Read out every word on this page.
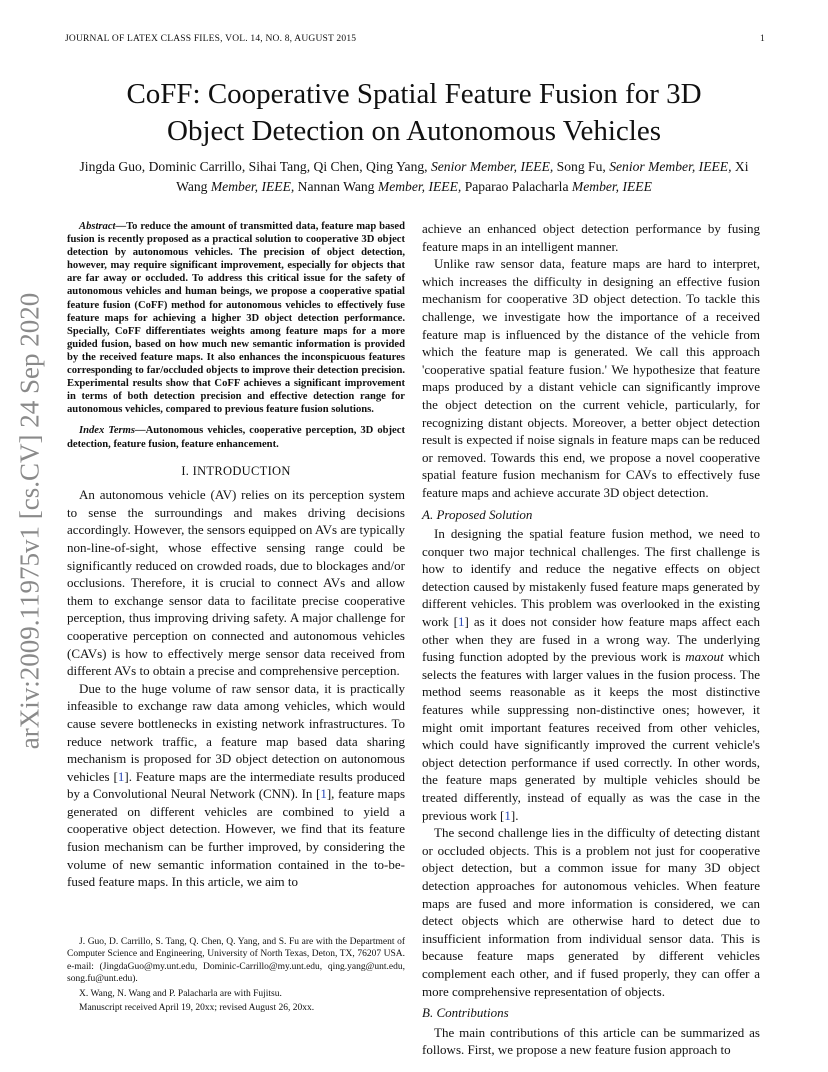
JOURNAL OF LATEX CLASS FILES, VOL. 14, NO. 8, AUGUST 2015	1
arXiv:2009.11975v1 [cs.CV] 24 Sep 2020
CoFF: Cooperative Spatial Feature Fusion for 3D
Object Detection on Autonomous Vehicles
Jingda Guo, Dominic Carrillo, Sihai Tang, Qi Chen, Qing Yang, Senior Member, IEEE, Song Fu, Senior Member, IEEE, Xi Wang Member, IEEE, Nannan Wang Member, IEEE, Paparao Palacharla Member, IEEE

Abstract—To reduce the amount of transmitted data, feature map based fusion is recently proposed as a practical solution to cooperative 3D object detection by autonomous vehicles. The precision of object detection, however, may require significant improvement, especially for objects that are far away or occluded. To address this critical issue for the safety of autonomous vehicles and human beings, we propose a cooperative spatial feature fusion (CoFF) method for autonomous vehicles to effectively fuse feature maps for achieving a higher 3D object detection performance. Specially, CoFF differentiates weights among feature maps for a more guided fusion, based on how much new semantic information is provided by the received feature maps. It also enhances the inconspicuous features corresponding to far/occluded objects to improve their detection precision. Experimental results show that CoFF achieves a significant improvement in terms of both detection precision and effective detection range for autonomous vehicles, compared to previous feature fusion solutions.

Index Terms—Autonomous vehicles, cooperative perception, 3D object detection, feature fusion, feature enhancement.

I. INTRODUCTION

An autonomous vehicle (AV) relies on its perception system to sense the surroundings and makes driving decisions accordingly. However, the sensors equipped on AVs are typically non-line-of-sight, whose effective sensing range could be significantly reduced on crowded roads, due to blockages and/or occlusions. Therefore, it is crucial to connect AVs and allow them to exchange sensor data to facilitate precise cooperative perception, thus improving driving safety. A major challenge for cooperative perception on connected and autonomous vehicles (CAVs) is how to effectively merge sensor data received from different AVs to obtain a precise and comprehensive perception.

Due to the huge volume of raw sensor data, it is practically infeasible to exchange raw data among vehicles, which would cause severe bottlenecks in existing network infrastructures. To reduce network traffic, a feature map based data sharing mechanism is proposed for 3D object detection on autonomous vehicles [ 1 ] . Feature maps are the intermediate results produced by a Convolutional Neural Network (CNN). In [ 1 ] , feature maps generated on different vehicles are combined to yield a cooperative object detection. However, we find that its feature fusion mechanism can be further improved, by considering the volume of new semantic information contained in the to-be-fused feature maps. In this article, we aim to

J. Guo, D. Carrillo, S. Tang, Q. Chen, Q. Yang, and S. Fu are with the Department of Computer Science and Engineering, University of North Texas, Deton, TX, 76207 USA. e-mail: (JingdaGuo@my.unt.edu, Dominic-Carrillo@my.unt.edu, qing.yang@unt.edu, song.fu@unt.edu).

X. Wang, N. Wang and P. Palacharla are with Fujitsu.

Manuscript received April 19, 20xx; revised August 26, 20xx.

achieve an enhanced object detection performance by fusing feature maps in an intelligent manner.

Unlike raw sensor data, feature maps are hard to interpret, which increases the difficulty in designing an effective fusion mechanism for cooperative 3D object detection. To tackle this challenge, we investigate how the importance of a received feature map is influenced by the distance of the vehicle from which the feature map is generated. We call this approach 'cooperative spatial feature fusion.' We hypothesize that feature maps produced by a distant vehicle can significantly improve the object detection on the current vehicle, particularly, for recognizing distant objects. Moreover, a better object detection result is expected if noise signals in feature maps can be reduced or removed. Towards this end, we propose a novel cooperative spatial feature fusion mechanism for CAVs to effectively fuse feature maps and achieve accurate 3D object detection.

A. Proposed Solution

In designing the spatial feature fusion method, we need to conquer two major technical challenges. The first challenge is how to identify and reduce the negative effects on object detection caused by mistakenly fused feature maps generated by different vehicles. This problem was overlooked in the existing work [ 1 ] as it does not consider how feature maps affect each other when they are fused in a wrong way. The underlying fusing function adopted by the previous work is maxout which selects the features with larger values in the fusion process. The method seems reasonable as it keeps the most distinctive features while suppressing non-distinctive ones; however, it might omit important features received from other vehicles, which could have significantly improved the current vehicle's object detection performance if used correctly. In other words, the feature maps generated by multiple vehicles should be treated differently, instead of equally as was the case in the previous work [ 1 ] .

The second challenge lies in the difficulty of detecting distant or occluded objects. This is a problem not just for cooperative object detection, but a common issue for many 3D object detection approaches for autonomous vehicles. When feature maps are fused and more information is considered, we can detect objects which are otherwise hard to detect due to insufficient information from individual sensor data. This is because feature maps generated by different vehicles complement each other, and if fused properly, they can offer a more comprehensive representation of objects.

B. Contributions

The main contributions of this article can be summarized as follows. First, we propose a new feature fusion approach to
